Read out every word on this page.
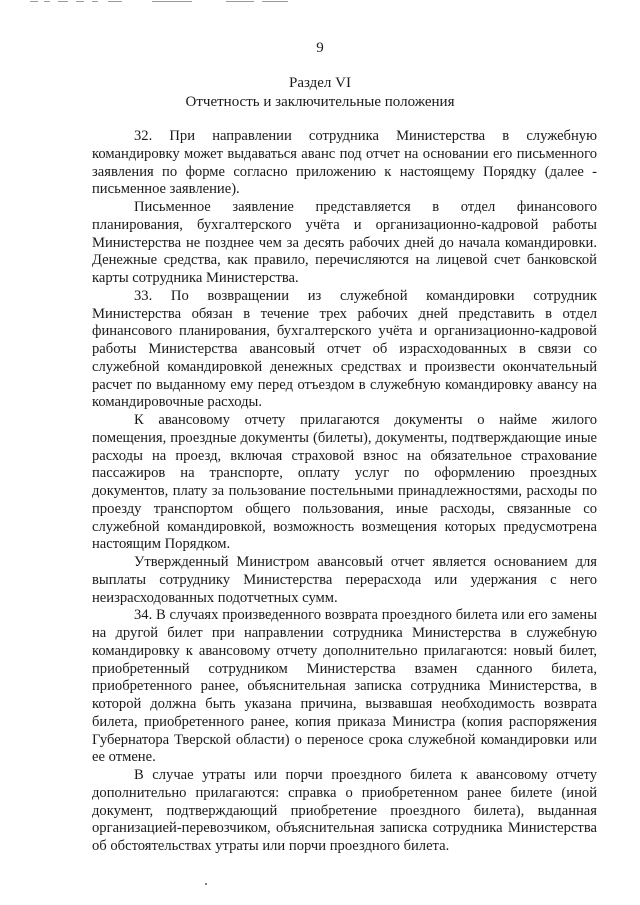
9
Раздел VI
Отчетность и заключительные положения

32. При направлении сотрудника Министерства в служебную командировку может выдаваться аванс под отчет на основании его письменного заявления по форме согласно приложению к настоящему Порядку (далее - письменное заявление).

Письменное заявление представляется в отдел финансового планирования, бухгалтерского учёта и организационно-кадровой работы Министерства не позднее чем за десять рабочих дней до начала командировки. Денежные средства, как правило, перечисляются на лицевой счет банковской карты сотрудника Министерства.

33. По возвращении из служебной командировки сотрудник Министерства обязан в течение трех рабочих дней представить в отдел финансового планирования, бухгалтерского учёта и организационно-кадровой работы Министерства авансовый отчет об израсходованных в связи со служебной командировкой денежных средствах и произвести окончательный расчет по выданному ему перед отъездом в служебную командировку авансу на командировочные расходы.

К авансовому отчету прилагаются документы о найме жилого помещения, проездные документы (билеты), документы, подтверждающие иные расходы на проезд, включая страховой взнос на обязательное страхование пассажиров на транспорте, оплату услуг по оформлению проездных документов, плату за пользование постельными принадлежностями, расходы по проезду транспортом общего пользования, иные расходы, связанные со служебной командировкой, возможность возмещения которых предусмотрена настоящим Порядком.

Утвержденный Министром авансовый отчет является основанием для выплаты сотруднику Министерства перерасхода или удержания с него неизрасходованных подотчетных сумм.

34. В случаях произведенного возврата проездного билета или его замены на другой билет при направлении сотрудника Министерства в служебную командировку к авансовому отчету дополнительно прилагаются: новый билет, приобретенный сотрудником Министерства взамен сданного билета, приобретенного ранее, объяснительная записка сотрудника Министерства, в которой должна быть указана причина, вызвавшая необходимость возврата билета, приобретенного ранее, копия приказа Министра (копия распоряжения Губернатора Тверской области) о переносе срока служебной командировки или ее отмене.

В случае утраты или порчи проездного билета к авансовому отчету дополнительно прилагаются: справка о приобретенном ранее билете (иной документ, подтверждающий приобретение проездного билета), выданная организацией-перевозчиком, объяснительная записка сотрудника Министерства об обстоятельствах утраты или порчи проездного билета.
